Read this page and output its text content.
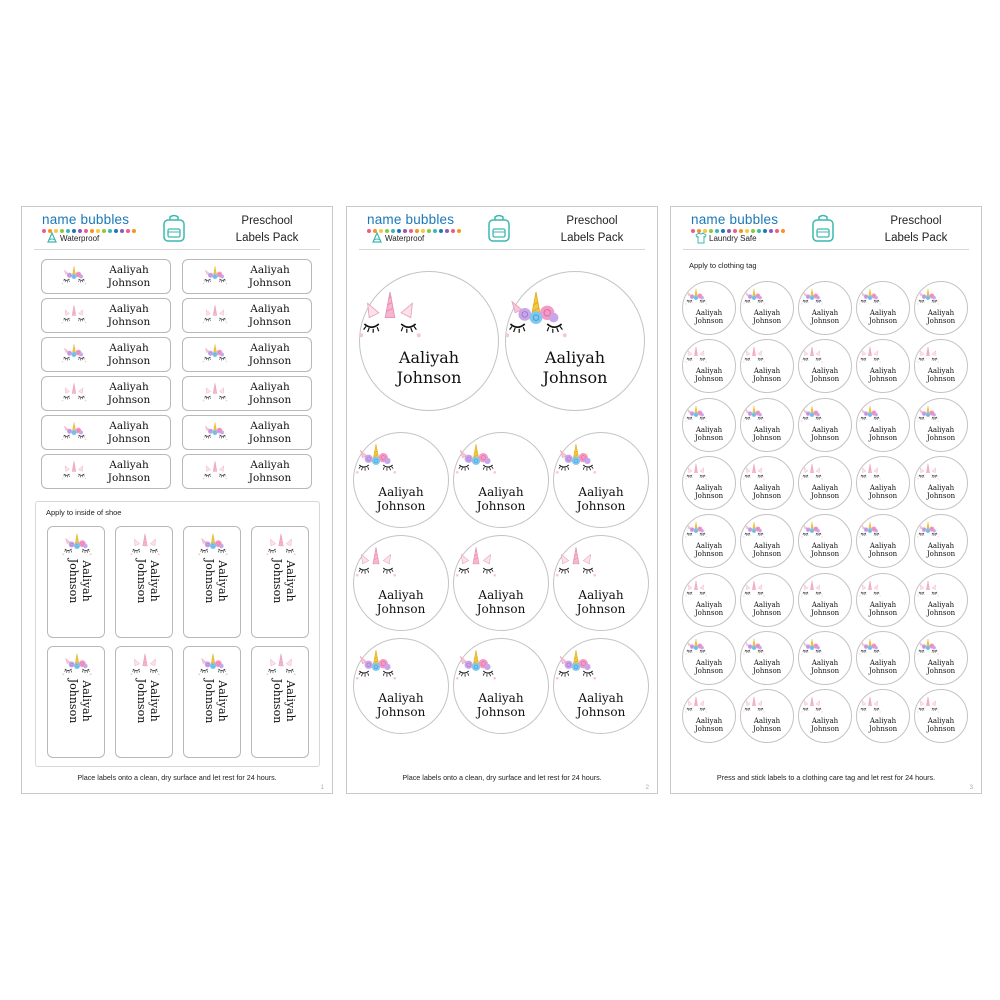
name bubbles
Waterproof
Preschool
Labels Pack
Aaliyah
Johnson
Aaliyah
Johnson
Aaliyah
Johnson
Aaliyah
Johnson
Aaliyah
Johnson
Aaliyah
Johnson
Aaliyah
Johnson
Aaliyah
Johnson
Aaliyah
Johnson
Aaliyah
Johnson
Aaliyah
Johnson
Aaliyah
Johnson
Apply to inside of shoe
Aaliyah
Johnson	Aaliyah
Johnson	Aaliyah
Johnson	Aaliyah
Johnson
Aaliyah
Johnson	Aaliyah
Johnson	Aaliyah
Johnson	Aaliyah
Johnson
Place labels onto a clean, dry surface and let rest for 24 hours.
1
name bubbles
Waterproof
Preschool
Labels Pack
Aaliyah
Johnson
Aaliyah
Johnson
Aaliyah
Johnson
Aaliyah
Johnson
Aaliyah
Johnson
Aaliyah
Johnson
Aaliyah
Johnson
Aaliyah
Johnson
Aaliyah
Johnson
Aaliyah
Johnson
Aaliyah
Johnson
Place labels onto a clean, dry surface and let rest for 24 hours.
2
name bubbles
Laundry Safe
Preschool
Labels Pack
Apply to clothing tag
Aaliyah
Johnson
Aaliyah
Johnson
Aaliyah
Johnson
Aaliyah
Johnson
Aaliyah
Johnson
Aaliyah
Johnson
Aaliyah
Johnson
Aaliyah
Johnson
Aaliyah
Johnson
Aaliyah
Johnson
Aaliyah
Johnson
Aaliyah
Johnson
Aaliyah
Johnson
Aaliyah
Johnson
Aaliyah
Johnson
Aaliyah
Johnson
Aaliyah
Johnson
Aaliyah
Johnson
Aaliyah
Johnson
Aaliyah
Johnson
Aaliyah
Johnson
Aaliyah
Johnson
Aaliyah
Johnson
Aaliyah
Johnson
Aaliyah
Johnson
Aaliyah
Johnson
Aaliyah
Johnson
Aaliyah
Johnson
Aaliyah
Johnson
Aaliyah
Johnson
Aaliyah
Johnson
Aaliyah
Johnson
Aaliyah
Johnson
Aaliyah
Johnson
Aaliyah
Johnson
Aaliyah
Johnson
Aaliyah
Johnson
Aaliyah
Johnson
Aaliyah
Johnson
Aaliyah
Johnson
Press and stick labels to a clothing care tag and let rest for 24 hours.
3
